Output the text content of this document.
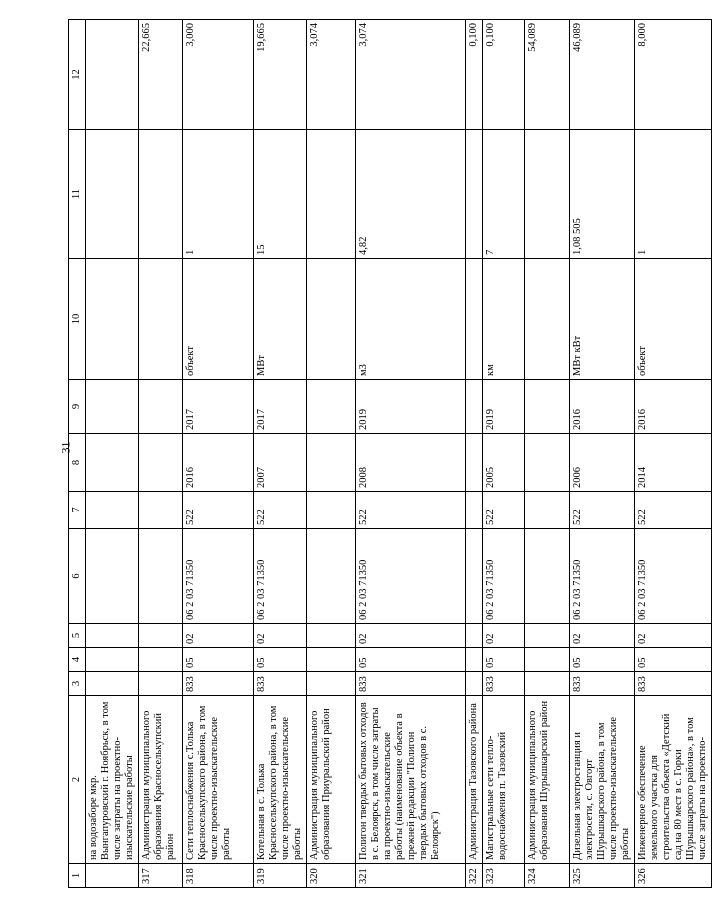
31
1	2	3	4	5	6	7	8	9	10	11	12
	на водозаборе мкр. Вынгапуровский г. Ноябрьск, в том числе затраты на проектно-изыскательские работы										
317	Администрация муниципального образования Красноселькупский район										22,665
318	Сети теплоснабжения с.Толька Красноселькупского района, в том числе проектно-изыскательские работы	833	05	02	06 2 03 71350	522	2016	2017	объект	1	3,000
319	Котельная в с. Толька Красноселькупского района, в том числе проектно-изыскательские работы	833	05	02	06 2 03 71350	522	2007	2017	МВт	15	19,665
320	Администрация муниципального образования Приуральский район										3,074
321	Полигон твердых бытовых отходов в с. Белоярск, в том числе затраты на проектно-изыскательские работы (наименование объекта в прежней редакции "Полигон твердых бытовых отходов в с. Белоярск")	833	05	02	06 2 03 71350	522	2008	2019	м3	4,82	3,074
322	Администрация Тазовского района										0,100
323	Магистральные сети тепло-водоснабжения п. Тазовский	833	05	02	06 2 03 71350	522	2005	2019	км	7	0,100
324	Администрация муниципального образования Шурышкарский район										54,089
325	Дизельная электростанция и электросети, с. Овгорт Шурышкарского района, в том числе проектно-изыскательские работы	833	05	02	06 2 03 71350	522	2006	2016	МВт кВт	1,08 505	46,089
326	Инженерное обеспечение земельного участка для строительства объекта «Детский сад на 80 мест в с. Горки Шурышкарского района», в том числе затраты на проектно-	833	05	02	06 2 03 71350	522	2014	2016	объект	1	8,000
